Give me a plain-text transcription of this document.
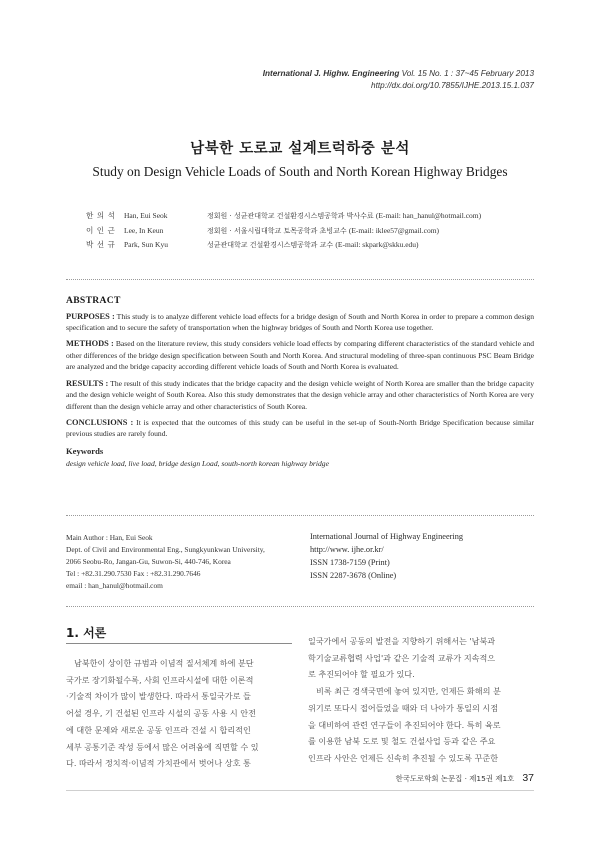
International J. Highw. Engineering Vol. 15 No. 1 : 37~45 February 2013
http://dx.doi.org/10.7855/IJHE.2013.15.1.037
남북한 도로교 설계트럭하중 분석
Study on Design Vehicle Loads of South and North Korean Highway Bridges
한 의 석	Han, Eui Seok	정회원 · 성균관대학교 건설환경시스템공학과 박사수료 (E-mail: han_hanul@hotmail.com)
이 인 근	Lee, In Keun	정회원 · 서울시립대학교 토목공학과 초빙교수 (E-mail: iklee57@gmail.com)
박 선 규	Park, Sun Kyu	성균관대학교 건설환경시스템공학과 교수 (E-mail: skpark@skku.edu)
ABSTRACT

PURPOSES : This study is to analyze different vehicle load effects for a bridge design of South and North Korea in order to prepare a common design specification and to secure the safety of transportation when the highway bridges of South and North Korea use together.

METHODS : Based on the literature review, this study considers vehicle load effects by comparing different characteristics of the standard vehicle and other differences of the bridge design specification between South and North Korea. And structural modeling of three-span continuous PSC Beam Bridge are analyzed and the bridge capacity according different vehicle loads of South and North Korea is evaluated.

RESULTS : The result of this study indicates that the bridge capacity and the design vehicle weight of North Korea are smaller than the bridge capacity and the design vehicle weight of South Korea. Also this study demonstrates that the design vehicle array and other characteristics of North Korea are very different than the design vehicle array and other characteristics of South Korea.

CONCLUSIONS : It is expected that the outcomes of this study can be useful in the set-up of South-North Bridge Specification because similar previous studies are rarely found.

Keywords

design vehicle load, live load, bridge design Load, south-north korean highway bridge

Main Author : Han, Eui Seok
Dept. of Civil and Environmental Eng., Sungkyunkwan University,
2066 Seobu-Ro, Jangan-Gu, Suwon-Si, 440-746, Korea
Tel : +82.31.290.7530 Fax : +82.31.290.7646
email : han_hanul@hotmail.com
International Journal of Highway Engineering
http://www. ijhe.or.kr/
ISSN 1738-7159 (Print)
ISSN 2287-3678 (Online)
1. 서론

남북한이 상이한 규범과 이념적 질서체계 하에 분단

국가로 장기화될수록, 사회 인프라시설에 대한 이론적

·기술적 차이가 많이 발생한다. 따라서 통일국가로 들

어설 경우, 기 건설된 인프라 시설의 공동 사용 시 안전

에 대한 문제와 새로운 공동 인프라 건설 시 합리적인

세부 공통기준 작성 등에서 많은 어려움에 직면할 수 있

다. 따라서 정치적·이념적 가치관에서 벗어나 상호 통

일국가에서 공동의 발전을 지향하기 위해서는 '남북과

학기술교류협력 사업'과 같은 기술적 교류가 지속적으

로 추진되어야 할 필요가 있다.

비록 최근 경색국면에 놓여 있지만, 언제든 화해의 분

위기로 또다시 접어들었을 때와 더 나아가 통일의 시점

을 대비하여 관련 연구들이 추진되어야 한다. 특히 육로

를 이용한 남북 도로 및 철도 건설사업 등과 같은 주요

인프라 사안은 언제든 신속히 추진될 수 있도록 꾸준한

한국도로학회 논문집 · 제15권 제1호 37
